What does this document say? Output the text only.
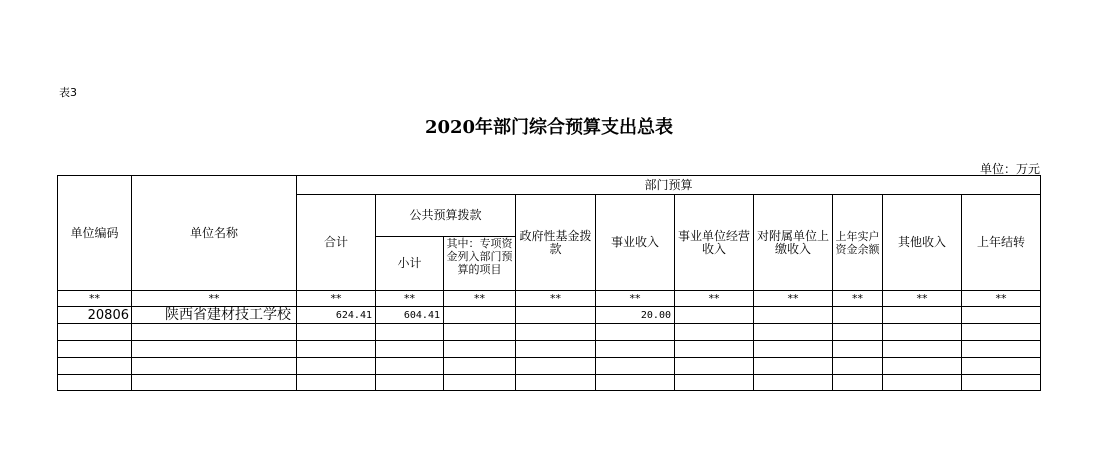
表3
2020年部门综合预算支出总表
单位：万元
单位编码	单位名称	部门预算									
		合计	公共预算拨款		政府性基金拨款	事业收入	事业单位经营收入	对附属单位上缴收入	上年实户资金余额	其他收入	上年结转
			小计	其中：专项资金列入部门预算的项目							
**	**	**	**	**	**	**	**	**	**	**	**
20806	陕西省建材技工学校	624.41	604.41			20.00					
